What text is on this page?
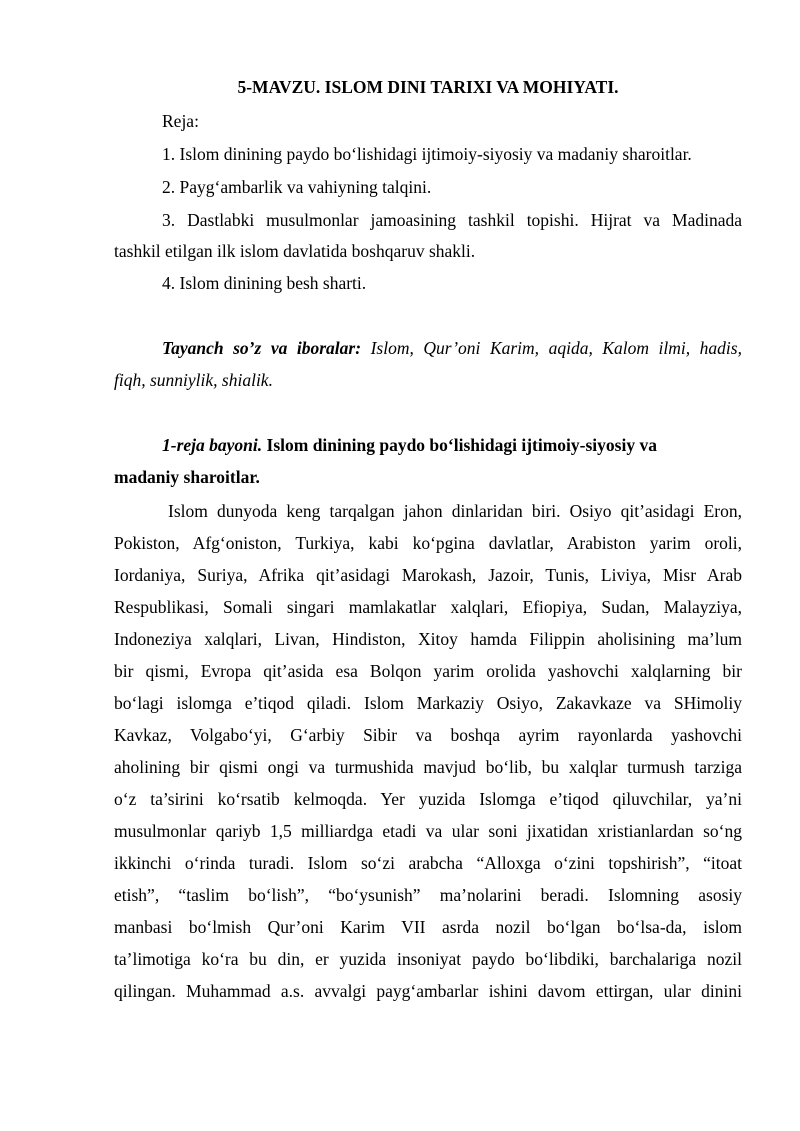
5-MAVZU. ISLOM DINI TARIXI VA MOHIYATI.
Reja:
1. Islom dinining paydo bo‘lishidagi ijtimoiy-siyosiy va madaniy sharoitlar.
2. Payg‘ambarlik va vahiyning talqini.
3. Dastlabki musulmonlar jamoasining tashkil topishi. Hijrat va Madinada
tashkil etilgan ilk islom davlatida boshqaruv shakli.
4. Islom dinining besh sharti.
Tayanch so’z va iboralar: Islom, Qur’oni Karim, aqida, Kalom ilmi, hadis,
fiqh, sunniylik, shialik.
1-reja bayoni. Islom dinining paydo bo‘lishidagi ijtimoiy-siyosiy va
madaniy sharoitlar.
Islom dunyoda keng tarqalgan jahon dinlaridan biri. Osiyo qit’asidagi Eron,
Pokiston, Afg‘oniston, Turkiya, kabi ko‘pgina davlatlar, Arabiston yarim oroli,
Iordaniya, Suriya, Afrika qit’asidagi Marokash, Jazoir, Tunis, Liviya, Misr Arab
Respublikasi, Somali singari mamlakatlar xalqlari, Efiopiya, Sudan, Malayziya,
Indoneziya xalqlari, Livan, Hindiston, Xitoy hamda Filippin aholisining ma’lum
bir qismi, Evropa qit’asida esa Bolqon yarim orolida yashovchi xalqlarning bir
bo‘lagi islomga e’tiqod qiladi. Islom Markaziy Osiyo, Zakavkaze va SHimoliy
Kavkaz, Volgabo‘yi, G‘arbiy Sibir va boshqa ayrim rayonlarda yashovchi
aholining bir qismi ongi va turmushida mavjud bo‘lib, bu xalqlar turmush tarziga
o‘z ta’sirini ko‘rsatib kelmoqda. Yer yuzida Islomga e’tiqod qiluvchilar, ya’ni
musulmonlar qariyb 1,5 milliardga etadi va ular soni jixatidan xristianlardan so‘ng
ikkinchi o‘rinda turadi. Islom so‘zi arabcha “Alloxga o‘zini topshirish”, “itoat
etish”, “taslim bo‘lish”, “bo‘ysunish” ma’nolarini beradi. Islomning asosiy
manbasi bo‘lmish Qur’oni Karim VII asrda nozil bo‘lgan bo‘lsa-da, islom
ta’limotiga ko‘ra bu din, er yuzida insoniyat paydo bo‘libdiki, barchalariga nozil
qilingan. Muhammad a.s. avvalgi payg‘ambarlar ishini davom ettirgan, ular dinini
